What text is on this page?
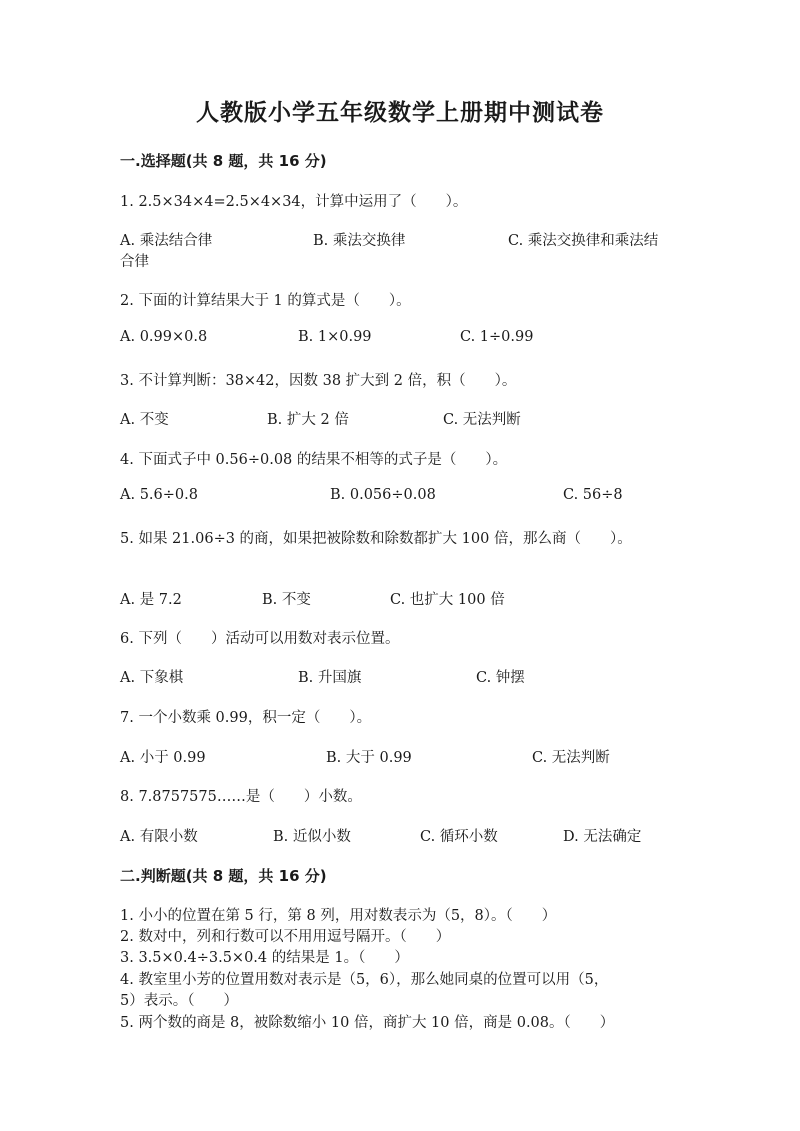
人教版小学五年级数学上册期中测试卷
一.选择题(共 8 题，共 16 分)
1. 2.5×34×4=2.5×4×34，计算中运用了（　　）。
A. 乘法结合律	B. 乘法交换律	C. 乘法交换律和乘法结
合律
2. 下面的计算结果大于 1 的算式是（　　）。
A. 0.99×0.8	B. 1×0.99	C. 1÷0.99
3. 不计算判断：38×42，因数 38 扩大到 2 倍，积（　　）。
A. 不变	B. 扩大 2 倍	C. 无法判断
4. 下面式子中 0.56÷0.08 的结果不相等的式子是（　　）。
A. 5.6÷0.8	B. 0.056÷0.08	C. 56÷8
5. 如果 21.06÷3 的商，如果把被除数和除数都扩大 100 倍，那么商（　　）。
A. 是 7.2	B. 不变	C. 也扩大 100 倍
6. 下列（　　）活动可以用数对表示位置。
A. 下象棋	B. 升国旗	C. 钟摆
7. 一个小数乘 0.99，积一定（　　）。
A. 小于 0.99	B. 大于 0.99	C. 无法判断
8. 7.8757575……是（　　）小数。
A. 有限小数	B. 近似小数	C. 循环小数	D. 无法确定
二.判断题(共 8 题，共 16 分)
1. 小小的位置在第 5 行，第 8 列，用对数表示为（5，8）。（　　）
2. 数对中，列和行数可以不用用逗号隔开。（　　）
3. 3.5×0.4÷3.5×0.4 的结果是 1。（　　）
4. 教室里小芳的位置用数对表示是（5，6），那么她同桌的位置可以用（5，
5）表示。（　　）
5. 两个数的商是 8，被除数缩小 10 倍，商扩大 10 倍，商是 0.08。（　　）
